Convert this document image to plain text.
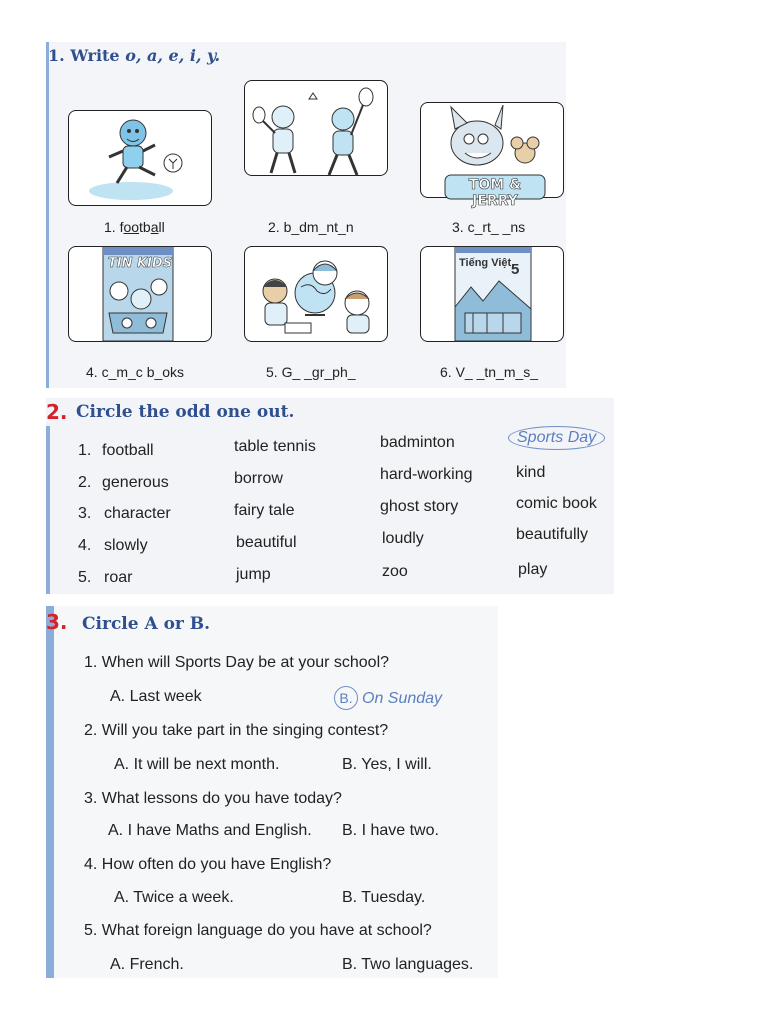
1. Write o, a, e, i, y.
1. football	2. b_dm_nt_n
TOM & JERRY
3. c_rt_ _ns
TIN KIDS
4. c_m_c b_oks	5. G_ _gr_ph_
Tiếng Việt 5
6. V_ _tn_m_s_
2. Circle the odd one out.
1. football	table tennis	badminton	Sports Day
2. generous	borrow	hard-working	kind
3. character	fairy tale	ghost story	comic book
4. slowly	beautiful	loudly	beautifully
5. roar	jump	zoo	play
3. Circle A or B.
1. When will Sports Day be at your school?
A. Last week	B. On Sunday
2. Will you take part in the singing contest?
A. It will be next month.	B. Yes, I will.
3. What lessons do you have today?
A. I have Maths and English. B. I have two.
4. How often do you have English?
A. Twice a week.	B. Tuesday.
5. What foreign language do you have at school?
A. French.	B. Two languages.
